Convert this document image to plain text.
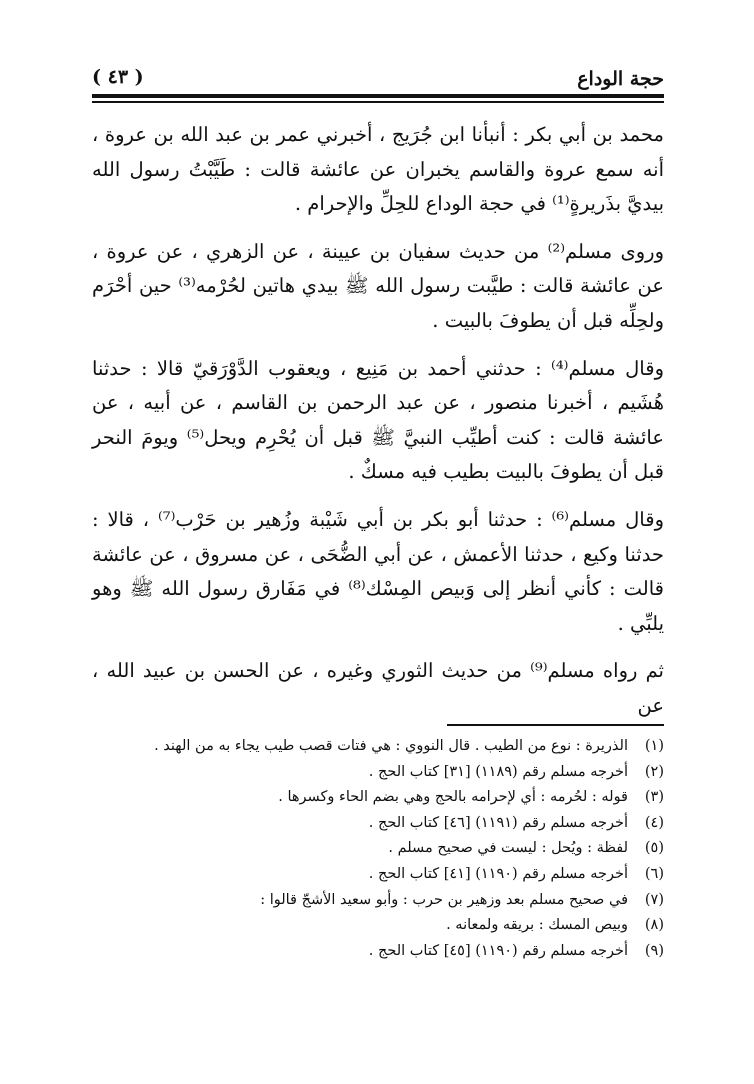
( ٤٣ )	حجة الوداع

محمد بن أبي بكر : أنبأنا ابن جُرَيج ، أخبرني عمر بن عبد الله بن عروة ، أنه سمع عروة والقاسم يخبران عن عائشة قالت : طَيَّبْتُ رسول الله بيديَّ بذَريرةٍ⁽¹⁾ في حجة الوداع للحِلِّ والإحرام .

وروى مسلم⁽²⁾ من حديث سفيان بن عيينة ، عن الزهري ، عن عروة ، عن عائشة قالت : طيَّبت رسول الله ﷺ بيدي هاتين لحُرْمه⁽³⁾ حين أحْرَم ولحِلِّه قبل أن يطوفَ بالبيت .

وقال مسلم⁽⁴⁾ : حدثني أحمد بن مَنِيع ، ويعقوب الدَّوْرَقيّ قالا : حدثنا هُشَيم ، أخبرنا منصور ، عن عبد الرحمن بن القاسم ، عن أبيه ، عن عائشة قالت : كنت أطيِّب النبيَّ ﷺ قبل أن يُحْرِم ويحل⁽⁵⁾ ويومَ النحر قبل أن يطوفَ بالبيت بطيب فيه مسكٌ .

وقال مسلم⁽⁶⁾ : حدثنا أبو بكر بن أبي شَيْبة وزُهير بن حَرْب⁽⁷⁾ ، قالا : حدثنا وكيع ، حدثنا الأعمش ، عن أبي الضُّحَى ، عن مسروق ، عن عائشة قالت : كأني أنظر إلى وَبيص المِسْك⁽⁸⁾ في مَفَارق رسول الله ﷺ وهو يلبِّي .

ثم رواه مسلم⁽⁹⁾ من حديث الثوري وغيره ، عن الحسن بن عبيد الله ، عن

(١)
الذريرة : نوع من الطيب . قال النووي : هي فتات قصب طيب يجاء به من الهند .
(٢)
أخرجه مسلم رقم (١١٨٩) [٣١] كتاب الحج .
(٣)
قوله : لحُرمه : أي لإحرامه بالحج وهي بضم الحاء وكسرها .
(٤)
أخرجه مسلم رقم (١١٩١) [٤٦] كتاب الحج .
(٥)
لفظة : ويُحل : ليست في صحيح مسلم .
(٦)
أخرجه مسلم رقم (١١٩٠) [٤١] كتاب الحج .
(٧)
في صحيح مسلم بعد وزهير بن حرب : وأبو سعيد الأشجّ قالوا :
(٨)
وبيص المسك : بريقه ولمعانه .
(٩)
أخرجه مسلم رقم (١١٩٠) [٤٥] كتاب الحج .
